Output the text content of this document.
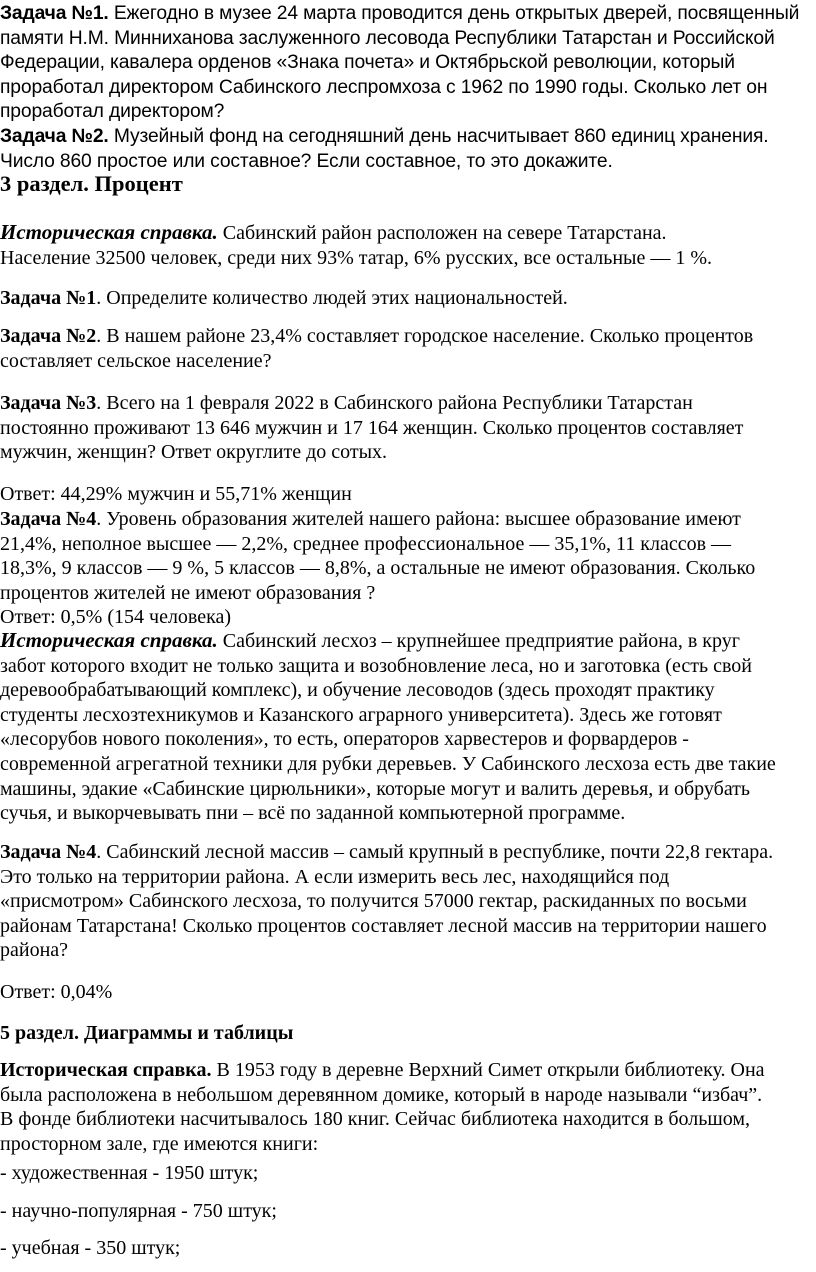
Задача №1. Ежегодно в музее 24 марта проводится день открытых дверей, посвященный
памяти Н.М. Минниханова заслуженного лесовода Республики Татарстан и Российской
Федерации, кавалера орденов «Знака почета» и Октябрьской революции, который
проработал директором Сабинского леспромхоза с 1962 по 1990 годы. Сколько лет он
проработал директором?
Задача №2. Музейный фонд на сегодняшний день насчитывает 860 единиц хранения.
Число 860 простое или составное? Если составное, то это докажите.
3 раздел. Процент
Историческая справка. Сабинский район расположен на севере Татарстана.
Население 32500 человек, среди них 93% татар, 6% русских, все остальные — 1 %.
Задача №1. Определите количество людей этих национальностей.
Задача №2. В нашем районе 23,4% составляет городское население. Сколько процентов
составляет сельское население?
Задача №3. Всего на 1 февраля 2022 в Сабинского района Республики Татарстан
постоянно проживают 13 646 мужчин и 17 164 женщин. Сколько процентов составляет
мужчин, женщин? Ответ округлите до сотых.
Ответ: 44,29% мужчин и 55,71% женщин
Задача №4. Уровень образования жителей нашего района: высшее образование имеют
21,4%, неполное высшее — 2,2%, среднее профессиональное — 35,1%, 11 классов —
18,3%, 9 классов — 9 %, 5 классов — 8,8%, а остальные не имеют образования. Сколько
процентов жителей не имеют образования ?
Ответ: 0,5% (154 человека)
Историческая справка. Сабинский лесхоз – крупнейшее предприятие района, в круг
забот которого входит не только защита и возобновление леса, но и заготовка (есть свой
деревообрабатывающий комплекс), и обучение лесоводов (здесь проходят практику
студенты лесхозтехникумов и Казанского аграрного университета). Здесь же готовят
«лесорубов нового поколения», то есть, операторов харвестеров и форвардеров -
современной агрегатной техники для рубки деревьев. У Сабинского лесхоза есть две такие
машины, эдакие «Сабинские цирюльники», которые могут и валить деревья, и обрубать
сучья, и выкорчевывать пни – всё по заданной компьютерной программе.
Задача №4. Сабинский лесной массив – самый крупный в республике, почти 22,8 гектара.
Это только на территории района. А если измерить весь лес, находящийся под
«присмотром» Сабинского лесхоза, то получится 57000 гектар, раскиданных по восьми
районам Татарстана! Сколько процентов составляет лесной массив на территории нашего
района?
Ответ: 0,04%
5 раздел. Диаграммы и таблицы
Историческая справка. В 1953 году в деревне Верхний Симет открыли библиотеку. Она
была расположена в небольшом деревянном домике, который в народе называли “избач”.
В фонде библиотеки насчитывалось 180 книг. Сейчас библиотека находится в большом,
просторном зале, где имеются книги:
- художественная - 1950 штук;
- научно-популярная - 750 штук;
- учебная - 350 штук;
